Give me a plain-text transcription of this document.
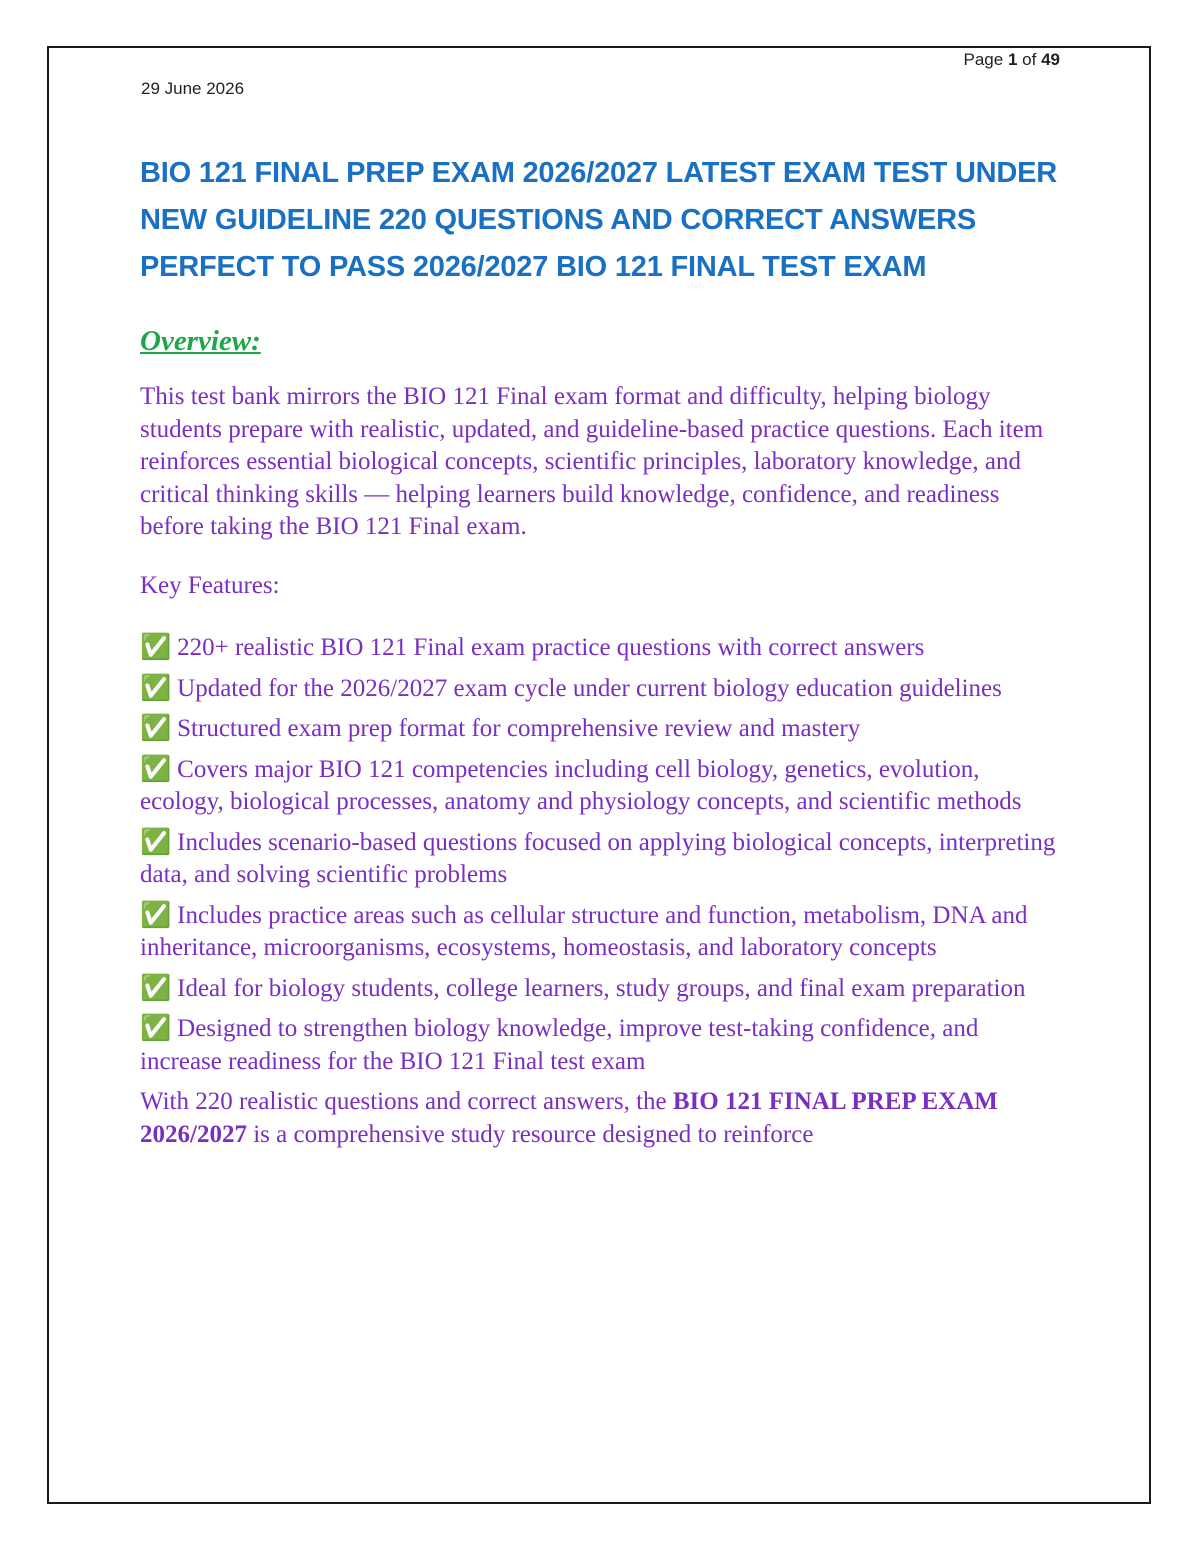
Page 1 of 49
29 June 2026
BIO 121 FINAL PREP EXAM 2026/2027 LATEST EXAM TEST UNDER NEW GUIDELINE 220 QUESTIONS AND CORRECT ANSWERS PERFECT TO PASS 2026/2027 BIO 121 FINAL TEST EXAM
Overview:

This test bank mirrors the BIO 121 Final exam format and difficulty, helping biology students prepare with realistic, updated, and guideline-based practice questions. Each item reinforces essential biological concepts, scientific principles, laboratory knowledge, and critical thinking skills — helping learners build knowledge, confidence, and readiness before taking the BIO 121 Final exam.

Key Features:

✅ 220+ realistic BIO 121 Final exam practice questions with correct answers
✅ Updated for the 2026/2027 exam cycle under current biology education guidelines
✅ Structured exam prep format for comprehensive review and mastery
✅ Covers major BIO 121 competencies including cell biology, genetics, evolution, ecology, biological processes, anatomy and physiology concepts, and scientific methods
✅ Includes scenario-based questions focused on applying biological concepts, interpreting data, and solving scientific problems
✅ Includes practice areas such as cellular structure and function, metabolism, DNA and inheritance, microorganisms, ecosystems, homeostasis, and laboratory concepts
✅ Ideal for biology students, college learners, study groups, and final exam preparation
✅ Designed to strengthen biology knowledge, improve test-taking confidence, and increase readiness for the BIO 121 Final test exam

With 220 realistic questions and correct answers, the BIO 121 FINAL PREP EXAM 2026/2027 is a comprehensive study resource designed to reinforce
